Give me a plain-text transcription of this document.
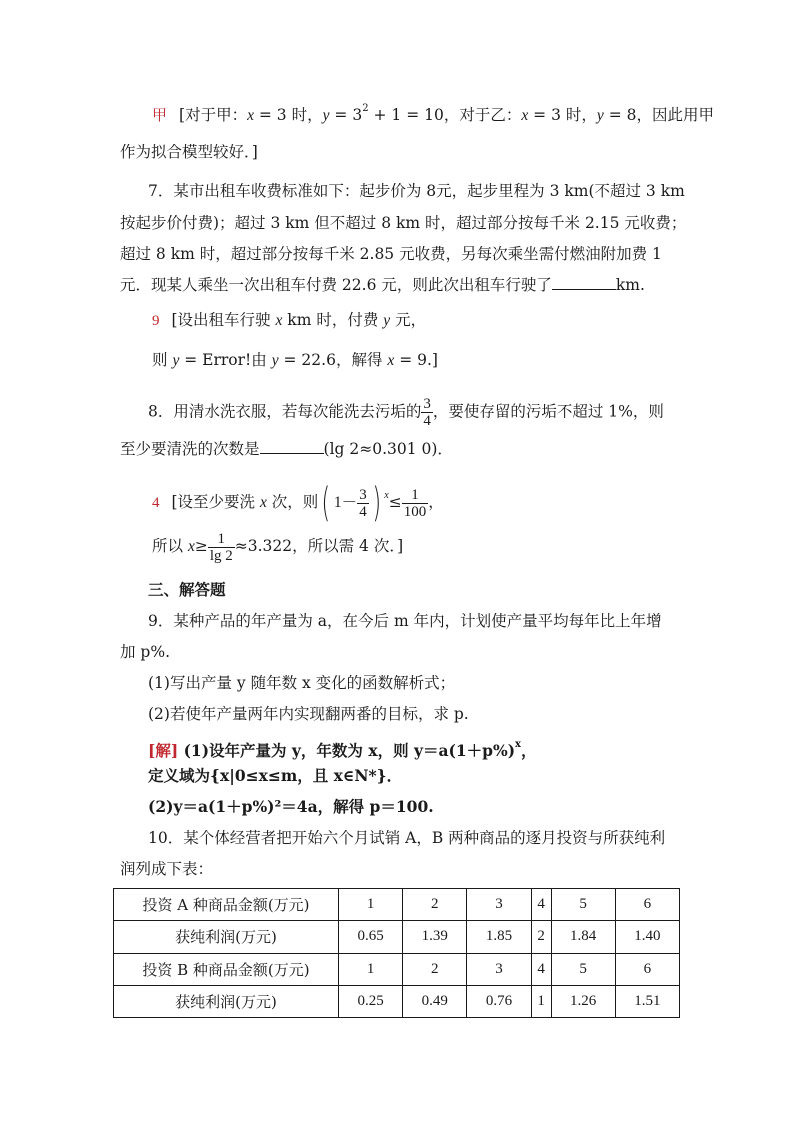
甲 [对于甲：x = 3 时，$y = 3^2 + 1 = 10$，对于乙：x = 3 时，y = 8，因此用甲
作为拟合模型较好．]
7．某市出租车收费标准如下：起步价为 8元，起步里程为 3 km(不超过 3 km
按起步价付费)；超过 3 km 但不超过 8 km 时，超过部分按每千米 2.15 元收费；
超过 8 km 时，超过部分按每千米 2.85 元收费，另每次乘坐需付燃油附加费 1
元．现某人乘坐一次出租车付费 22.6 元，则此次出租车行驶了	km.
9 [设出租车行驶 x km 时，付费 y 元，
则 y = Error!由 y = 22.6，解得 x = 9.]
8．用清水洗衣服，若每次能洗去污垢的 $\frac{3}{4}$ ，要使存留的污垢不超过 1%，则
至少要清洗的次数是	(lg 2≈0.301 0)．
4 [设至少要洗 x 次，则( $1- \frac{3}{4}$ ) $^x\le \frac{1}{100}$ ，
所以 $x\ge \frac{1}{\lg 2} \approx 3.322$，所以需 4 次．]
三、解答题
9．某种产品的年产量为 a，在今后 m 年内，计划使产量平均每年比上年增
加 p%.
(1)写出产量 y 随年数 x 变化的函数解析式；
(2)若使年产量两年内实现翻两番的目标，求 p.
[解] (1)设年产量为 y，年数为 x，则 $y=a(1+p\%)^x$，
定义域为{x|0≤x≤m，且 x∈N*}．
(2)y＝a(1＋p%)²＝4a，解得 p＝100.
10．某个体经营者把开始六个月试销 A，B 两种商品的逐月投资与所获纯利
润列成下表：
投资 A 种商品金额(万元)	1	2	3	4	5	6
获纯利润(万元)	0.65	1.39	1.85	2	1.84	1.40
投资 B 种商品金额(万元)	1	2	3	4	5	6
获纯利润(万元)	0.25	0.49	0.76	1	1.26	1.51
